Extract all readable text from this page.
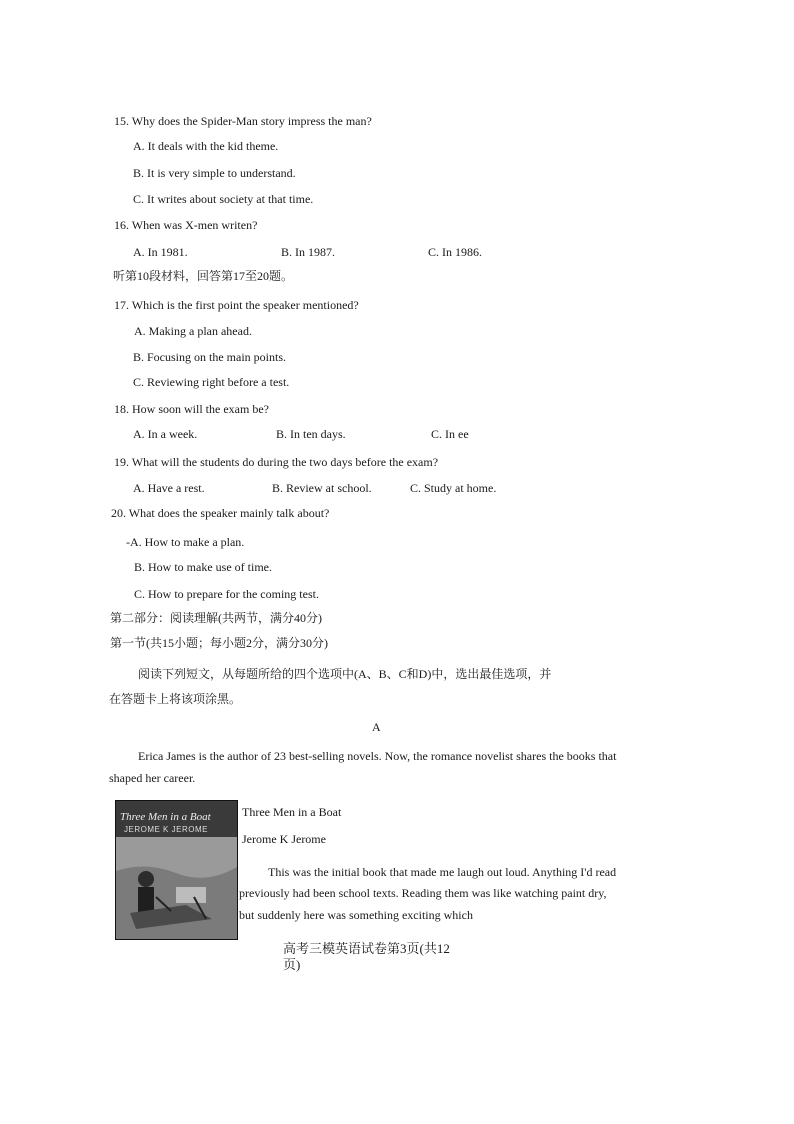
15. Why does the Spider-Man story impress the man?
A. It deals with the kid theme.
B. It is very simple to understand.
C. It writes about society at that time.
16. When was X-men writen?
A. In 1981.	B. In 1987.	C. In 1986.
听第10段材料，回答第17至20题。
17. Which is the first point the speaker mentioned?
A. Making a plan ahead.
B. Focusing on the main points.
C. Reviewing right before a test.
18. How soon will the exam be?
A. In a week.	B. In ten days.	C. In ee
19. What will the students do during the two days before the exam?
A. Have a rest.	B. Review at school.	C. Study at home.
20. What does the speaker mainly talk about?
-A. How to make a plan.
B. How to make use of time.
C. How to prepare for the coming test.
第二部分：阅读理解(共两节，满分40分)
第一节(共15小题；每小题2分，满分30分)
阅读下列短文，从每题所给的四个选项中(A、B、C和D)中，选出最佳选项，并
在答题卡上将该项涂黑。
A
Erica James is the author of 23 best-selling novels. Now, the romance novelist shares the books that
shaped her career.
Three Men in a Boat
JEROME K JEROME
Three Men in a Boat
Jerome K Jerome
This was the initial book that made me laugh out loud. Anything I'd read
previously had been school texts. Reading them was like watching paint dry,
but suddenly here was something exciting which
高考三模英语试卷第3页(共12
页)
